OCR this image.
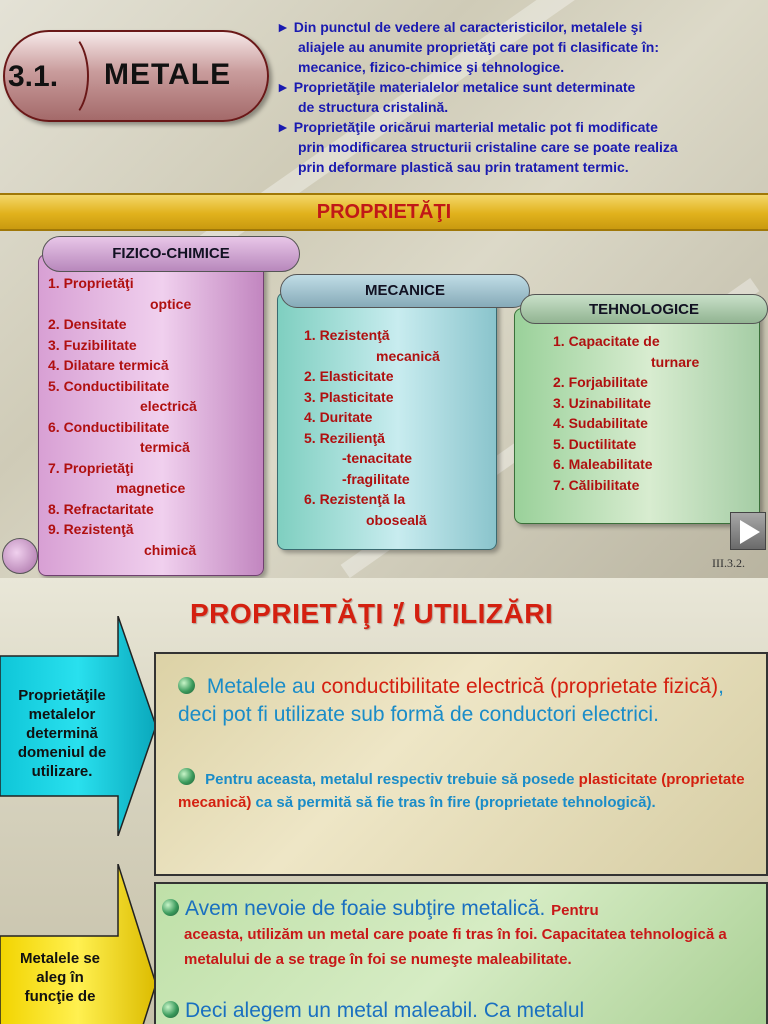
3.1. METALE
► Din punctul de vedere al caracteristicilor, metalele şi
aliajele au anumite proprietăţi care pot fi clasificate în:
mecanice, fizico-chimice şi tehnologice.
► Proprietăţile materialelor metalice sunt determinate
de structura cristalină.
► Proprietăţile oricărui marterial metalic pot fi modificate
prin modificarea structurii cristaline care se poate realiza
prin deformare plastică sau prin tratament termic.
PROPRIETĂŢI
FIZICO-CHIMICE
1. Proprietăţi
optice
2. Densitate
3. Fuzibilitate
4. Dilatare termică
5. Conductibilitate
electrică
6. Conductibilitate
termică
7. Proprietăţi
magnetice
8. Refractaritate
9. Rezistenţă
chimică
MECANICE
1. Rezistenţă
mecanică
2. Elasticitate
3. Plasticitate
4. Duritate
5. Rezilienţă
-tenacitate
-fragilitate
6. Rezistenţă la
oboseală
TEHNOLOGICE
1. Capacitate de
turnare
2. Forjabilitate
3. Uzinabilitate
4. Sudabilitate
5. Ductilitate
6. Maleabilitate
7. Călibilitate
III.3.2.
PROPRIETĂŢI ⁒ UTILIZĂRI
Proprietăţile metalelor determină domeniul de utilizare.
Metalele se aleg în funcţie de
Metalele au conductibilitate electrică (proprietate fizică), deci pot fi utilizate sub formă de conductori electrici.
Pentru aceasta, metalul respectiv trebuie să posede plasticitate (proprietate mecanică) ca să permită să fie tras în fire (proprietate tehnologică).
Avem nevoie de foaie subţire metalică. Pentru
aceasta, utilizăm un metal care poate fi tras în foi. Capacitatea tehnologică a metalului de a se trage în foi se numeşte maleabilitate.
Deci alegem un metal maleabil. Ca metalul
